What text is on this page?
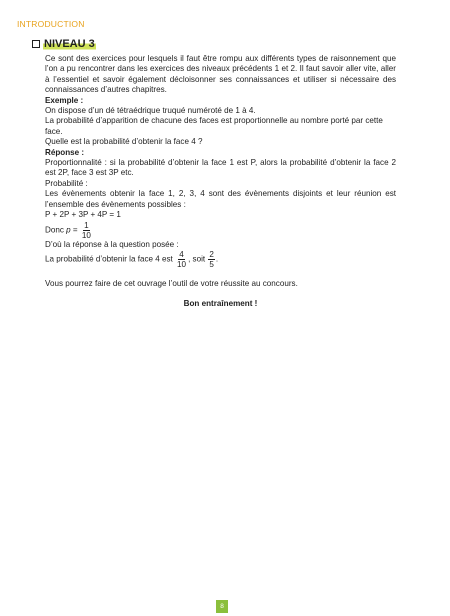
INTRODUCTION
NIVEAU 3

Ce sont des exercices pour lesquels il faut être rompu aux différents types de raisonnement que l’on a pu rencontrer dans les exercices des niveaux précédents 1 et 2. Il faut savoir aller vite, aller à l’essentiel et savoir également décloisonner ses connaissances et utiliser si nécessaire des connaissances d’autres chapitres.

Exemple :

On dispose d’un dé tétraédrique truqué numéroté de 1 à 4.

La probabilité d’apparition de chacune des faces est proportionnelle au nombre porté par cette face.

Quelle est la probabilité d’obtenir la face 4 ?

Réponse :

Proportionnalité : si la probabilité d’obtenir la face 1 est P, alors la probabilité d’obtenir la face 2 est 2P, face 3 est 3P etc.

Probabilité :

Les évènements obtenir la face 1, 2, 3, 4 sont des évènements disjoints et leur réunion est l’ensemble des évènements possibles :

P + 2P + 3P + 4P = 1

Donc $p = \frac{1}{10}$

D’où la réponse à la question posée :

La probabilité d’obtenir la face 4 est $\frac{4}{10}$ , soit $\frac{2}{5}$ .

Vous pourrez faire de cet ouvrage l’outil de votre réussite au concours.

Bon entraînement !

8
